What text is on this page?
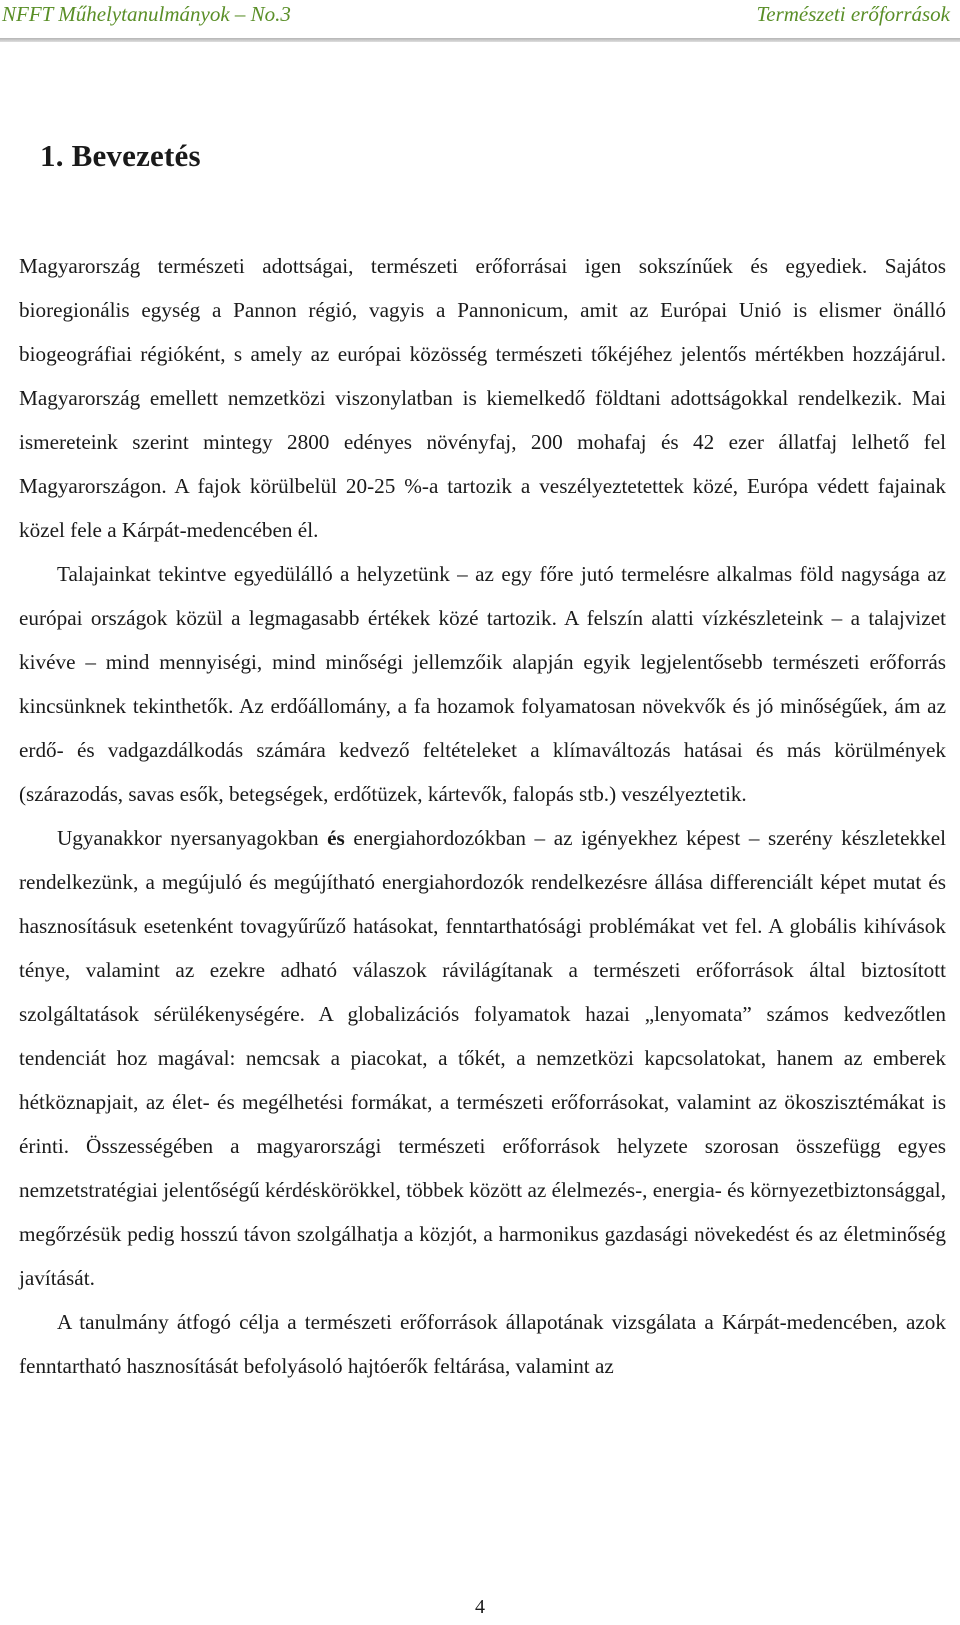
NFFT Műhelytanulmányok – No.3	Természeti erőforrások
1. Bevezetés

Magyarország természeti adottságai, természeti erőforrásai igen sokszínűek és egyediek. Sajátos bioregionális egység a Pannon régió, vagyis a Pannonicum, amit az Európai Unió is elismer önálló biogeográfiai régióként, s amely az európai közösség természeti tőkéjéhez jelentős mértékben hozzájárul. Magyarország emellett nemzetközi viszonylatban is kiemelkedő földtani adottságokkal rendelkezik. Mai ismereteink szerint mintegy 2800 edényes növényfaj, 200 mohafaj és 42 ezer állatfaj lelhető fel Magyarországon. A fajok körülbelül 20-25 %-a tartozik a veszélyeztetettek közé, Európa védett fajainak közel fele a Kárpát-medencében él.

Talajainkat tekintve egyedülálló a helyzetünk – az egy főre jutó termelésre alkalmas föld nagysága az európai országok közül a legmagasabb értékek közé tartozik. A felszín alatti vízkészleteink – a talajvizet kivéve – mind mennyiségi, mind minőségi jellemzőik alapján egyik legjelentősebb természeti erőforrás kincsünknek tekinthetők. Az erdőállomány, a fa hozamok folyamatosan növekvők és jó minőségűek, ám az erdő- és vadgazdálkodás számára kedvező feltételeket a klímaváltozás hatásai és más körülmények (szárazodás, savas esők, betegségek, erdőtüzek, kártevők, falopás stb.) veszélyeztetik.

Ugyanakkor nyersanyagokban és energiahordozókban – az igényekhez képest – szerény készletekkel rendelkezünk, a megújuló és megújítható energiahordozók rendelkezésre állása differenciált képet mutat és hasznosításuk esetenként tovagyűrűző hatásokat, fenntarthatósági problémákat vet fel. A globális kihívások ténye, valamint az ezekre adható válaszok rávilágítanak a természeti erőforrások által biztosított szolgáltatások sérülékenységére. A globalizációs folyamatok hazai „lenyomata” számos kedvezőtlen tendenciát hoz magával: nemcsak a piacokat, a tőkét, a nemzetközi kapcsolatokat, hanem az emberek hétköznapjait, az élet- és megélhetési formákat, a természeti erőforrásokat, valamint az ökoszisztémákat is érinti. Összességében a magyarországi természeti erőforrások helyzete szorosan összefügg egyes nemzetstratégiai jelentőségű kérdéskörökkel, többek között az élelmezés-, energia- és környezetbiztonsággal, megőrzésük pedig hosszú távon szolgálhatja a közjót, a harmonikus gazdasági növekedést és az életminőség javítását.

A tanulmány átfogó célja a természeti erőforrások állapotának vizsgálata a Kárpát-medencében, azok fenntartható hasznosítását befolyásoló hajtóerők feltárása, valamint az

4
